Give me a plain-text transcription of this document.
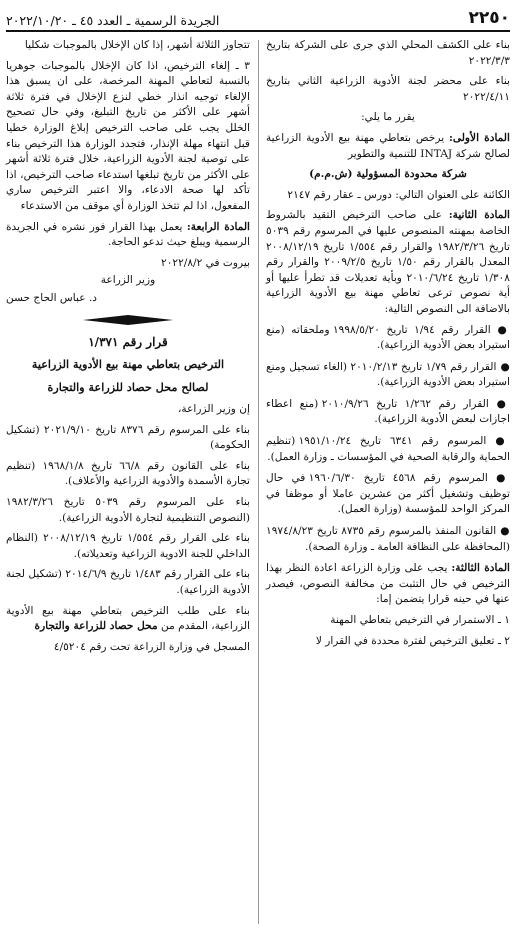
٢٢٥٠
الجريدة الرسمية ـ العدد ٤٥ ـ ٢٠٢٢/١٠/٢٠

بناء على الكشف المحلي الذي جرى على الشركة بتاريخ ٢٠٢٢/٣/٣

بناء على محضر لجنة الأدوية الزراعية الثاني بتاريخ ٢٠٢٢/٤/١١

يقرر ما يلي:

المادة الأولى: يرخص بتعاطي مهنة بيع الأدوية الزراعية لصالح شركة INTAJ للتنمية والتطوير

شركة محدودة المسؤولية (ش.م.م)

الكائنة على العنوان التالي: دورس ـ عقار رقم ٢١٤٧

المادة الثانية: على صاحب الترخيص التقيد بالشروط الخاصة بمهنته المنصوص عليها في المرسوم رقم ٥٠٣٩ تاريخ ١٩٨٢/٣/٢٦ والقرار رقم ١/٥٥٤ تاريخ ٢٠٠٨/١٢/١٩ المعدل بالقرار رقم ١/٥٠ تاريخ ٢٠٠٩/٢/٥ والقرار رقم ١/٣٠٨ تاريخ ٢٠١٠/٦/٢٤ وبأية تعديلات قد تطرأ عليها أو أية نصوص ترعى تعاطي مهنة بيع الأدوية الزراعية بالاضافة الى النصوص التالية:

● القرار رقم ١/٩٤ تاريخ ١٩٩٨/٥/٢٠ وملحقاته (منع استيراد بعض الأدوية الزراعية).

● القرار رقم ١/٧٩ تاريخ ٢٠١٠/٢/١٣ (الغاء تسجيل ومنع استيراد بعض الأدوية الزراعية).

● القرار رقم ١/٢٦٢ تاريخ ٢٠١٠/٩/٢٦ (منع اعطاء اجازات لبعض الأدوية الزراعية).

● المرسوم رقم ٦٣٤١ تاريخ ١٩٥١/١٠/٢٤ (تنظيم الحماية والرقابة الصحية في المؤسسات ـ وزارة العمل).

● المرسوم رقم ٤٥٦٨ تاريخ ١٩٦٠/٦/٣٠ في حال توظيف وتشغيل أكثر من عشرين عاملا أو موظفا في المركز الواحد للمؤسسة (وزارة العمل).

● القانون المنفذ بالمرسوم رقم ٨٧٣٥ تاريخ ١٩٧٤/٨/٢٣ (المحافظة على النظافة العامة ـ وزارة الصحة).

المادة الثالثة: يجب على وزارة الزراعة اعادة النظر بهذا الترخيص في حال التثبت من مخالفة النصوص، فيصدر عنها في حينه قرارا يتضمن إما:

١ ـ الاستمرار في الترخيص بتعاطي المهنة

٢ ـ تعليق الترخيص لفترة محددة في القرار لا

تتجاوز الثلاثة أشهر، إذا كان الإخلال بالموجبات شكليا

٣ ـ إلغاء الترخيص، اذا كان الإخلال بالموجبات جوهريا بالنسبة لتعاطي المهنة المرخصة، على ان يسبق هذا الإلغاء توجيه انذار خطي لنزع الإخلال في فترة ثلاثة أشهر على الأكثر من تاريخ التبليغ، وفي حال تصحيح الخلل يجب على صاحب الترخيص إبلاغ الوزارة خطيا قبل انتهاء مهلة الإنذار، فتجدد الوزارة هذا الترخيص بناء على توصية لجنة الأدوية الزراعية، خلال فترة ثلاثة أشهر على الأكثر من تاريخ تبلغها استدعاء صاحب الترخيص، اذا تأكد لها صحة الادعاء، والا اعتبر الترخيص ساري المفعول، اذا لم تتخذ الوزارة أي موقف من الاستدعاء

المادة الرابعة: يعمل بهذا القرار فور نشره في الجريدة الرسمية ويبلغ حيث تدعو الحاجة.

بيروت في ٢٠٢٢/٨/٢

وزير الزراعة

د. عباس الحاج حسن

قرار رقم ١/٣٧١

الترخيص بتعاطي مهنة بيع الأدوية الزراعية

لصالح محل حصاد للزراعة والتجارة

إن وزير الزراعة،

بناء على المرسوم رقم ٨٣٧٦ تاريخ ٢٠٢١/٩/١٠ (تشكيل الحكومة)

بناء على القانون رقم ٦٦/٨ تاريخ ١٩٦٨/١/٨ (تنظيم تجارة الأسمدة والأدوية الزراعية والأعلاف).

بناء على المرسوم رقم ٥٠٣٩ تاريخ ١٩٨٢/٣/٢٦ (النصوص التنظيمية لتجارة الأدوية الزراعية).

بناء على القرار رقم ١/٥٥٤ تاريخ ٢٠٠٨/١٢/١٩ (النظام الداخلي للجنة الادوية الزراعية وتعديلاته).

بناء على القرار رقم ١/٤٨٣ تاريخ ٢٠١٤/٦/٩ (تشكيل لجنة الأدوية الزراعية).

بناء على طلب الترخيص بتعاطي مهنة بيع الأدوية الزراعية، المقدم من محل حصاد للزراعة والتجارة

المسجل في وزارة الزراعة تحت رقم ٤/٥٢٠٤
